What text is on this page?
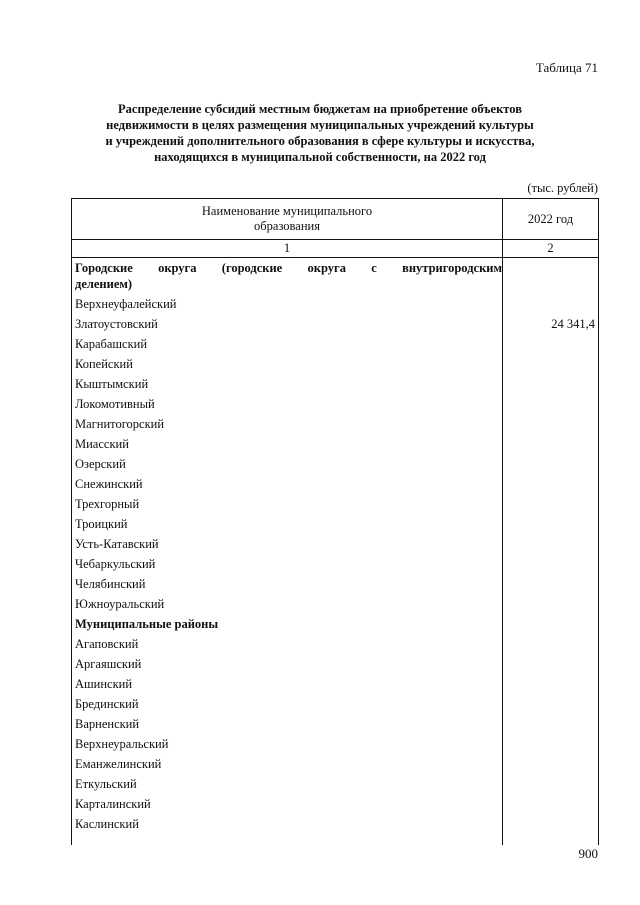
Таблица 71
Распределение субсидий местным бюджетам на приобретение объектов
недвижимости в целях размещения муниципальных учреждений культуры
и учреждений дополнительного образования в сфере культуры и искусства,
находящихся в муниципальной собственности, на 2022 год
(тыс. рублей)
Наименование муниципального
образования
2022 год
1	2
Городские округа (городские округа с внутригородским
делением)
Верхнеуфалейский
Златоустовский	24 341,4
Карабашский
Копейский
Кыштымский
Локомотивный
Магнитогорский
Миасский
Озерский
Снежинский
Трехгорный
Троицкий
Усть-Катавский
Чебаркульский
Челябинский
Южноуральский
Муниципальные районы
Агаповский
Аргаяшский
Ашинский
Брединский
Варненский
Верхнеуральский
Еманжелинский
Еткульский
Карталинский
Каслинский
900
